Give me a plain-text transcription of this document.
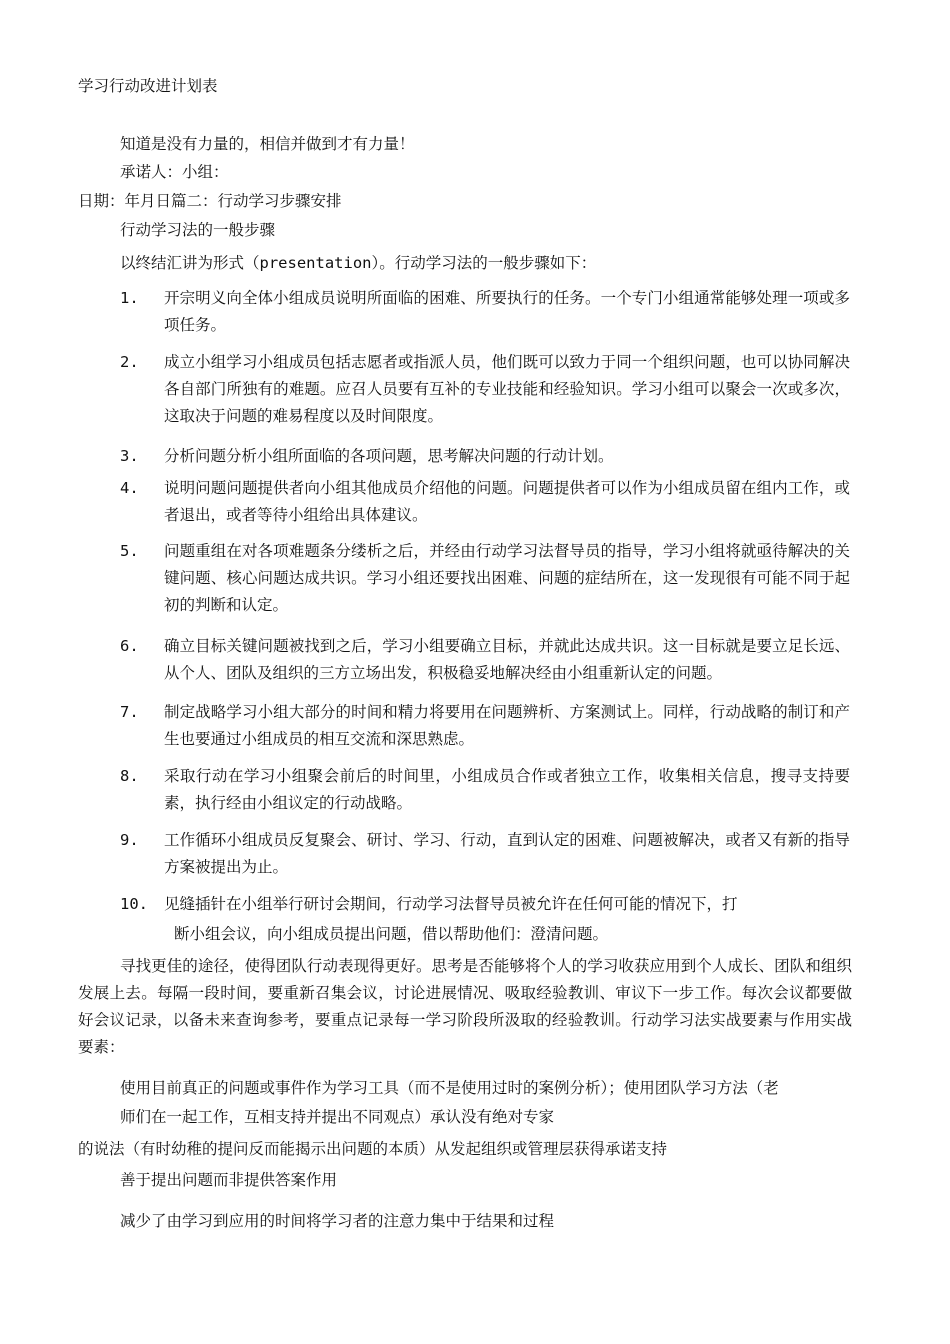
学习行动改进计划表
知道是没有力量的，相信并做到才有力量！
承诺人：小组：
日期：年月日篇二：行动学习步骤安排
行动学习法的一般步骤
以终结汇讲为形式（presentation）。行动学习法的一般步骤如下：
1. 开宗明义向全体小组成员说明所面临的困难、所要执行的任务。一个专门小组通常能够处理一项或多项任务。
2. 成立小组学习小组成员包括志愿者或指派人员，他们既可以致力于同一个组织问题，也可以协同解决各自部门所独有的难题。应召人员要有互补的专业技能和经验知识。学习小组可以聚会一次或多次，这取决于问题的难易程度以及时间限度。
3. 分析问题分析小组所面临的各项问题，思考解决问题的行动计划。
4. 说明问题问题提供者向小组其他成员介绍他的问题。问题提供者可以作为小组成员留在组内工作，或者退出，或者等待小组给出具体建议。
5. 问题重组在对各项难题条分缕析之后，并经由行动学习法督导员的指导，学习小组将就亟待解决的关键问题、核心问题达成共识。学习小组还要找出困难、问题的症结所在，这一发现很有可能不同于起初的判断和认定。
6. 确立目标关键问题被找到之后，学习小组要确立目标，并就此达成共识。这一目标就是要立足长远、从个人、团队及组织的三方立场出发，积极稳妥地解决经由小组重新认定的问题。
7. 制定战略学习小组大部分的时间和精力将要用在问题辨析、方案测试上。同样，行动战略的制订和产生也要通过小组成员的相互交流和深思熟虑。
8. 采取行动在学习小组聚会前后的时间里，小组成员合作或者独立工作，收集相关信息，搜寻支持要素，执行经由小组议定的行动战略。
9. 工作循环小组成员反复聚会、研讨、学习、行动，直到认定的困难、问题被解决，或者又有新的指导方案被提出为止。
10. 见缝插针在小组举行研讨会期间，行动学习法督导员被允许在任何可能的情况下，打
断小组会议，向小组成员提出问题，借以帮助他们：澄清问题。
寻找更佳的途径，使得团队行动表现得更好。思考是否能够将个人的学习收获应用到个人成长、团队和组织发展上去。每隔一段时间，要重新召集会议，讨论进展情况、吸取经验教训、审议下一步工作。每次会议都要做好会议记录，以备未来查询参考，要重点记录每一学习阶段所汲取的经验教训。行动学习法实战要素与作用实战要素：
使用目前真正的问题或事件作为学习工具（而不是使用过时的案例分析）；使用团队学习方法（老
师们在一起工作，互相支持并提出不同观点）承认没有绝对专家
的说法（有时幼稚的提问反而能揭示出问题的本质）从发起组织或管理层获得承诺支持
善于提出问题而非提供答案作用
减少了由学习到应用的时间将学习者的注意力集中于结果和过程
